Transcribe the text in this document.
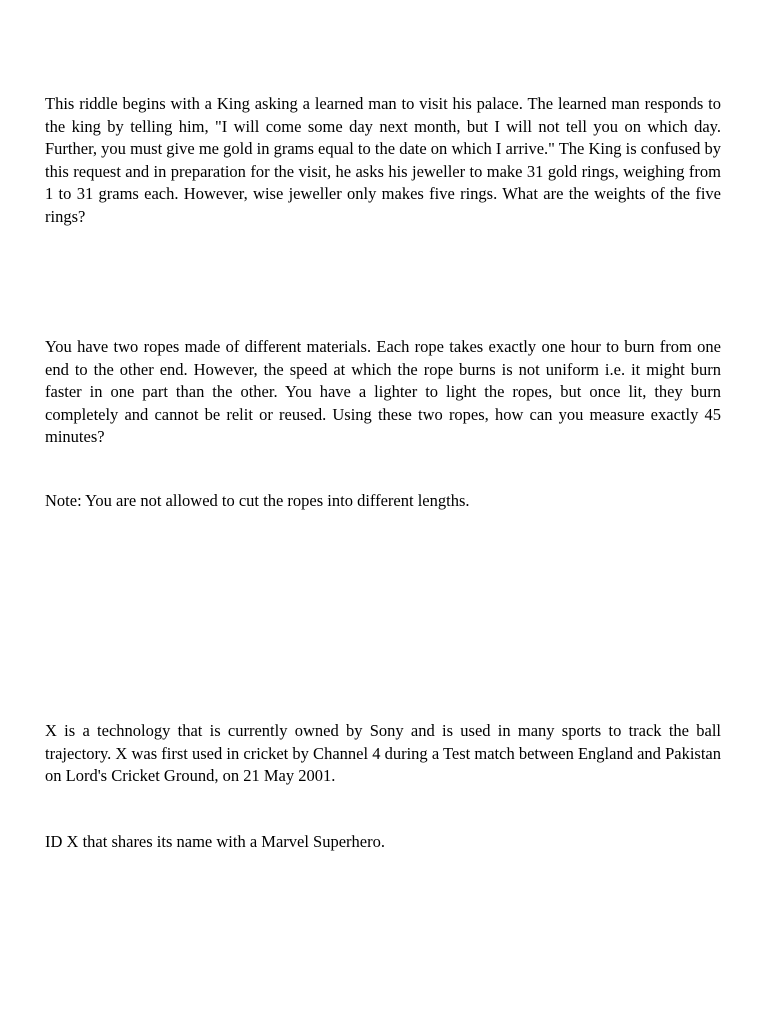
This riddle begins with a King asking a learned man to visit his palace. The learned man responds to the king by telling him, "I will come some day next month, but I will not tell you on which day. Further, you must give me gold in grams equal to the date on which I arrive." The King is confused by this request and in preparation for the visit, he asks his jeweller to make 31 gold rings, weighing from 1 to 31 grams each. However, wise jeweller only makes five rings. What are the weights of the five rings?

You have two ropes made of different materials. Each rope takes exactly one hour to burn from one end to the other end. However, the speed at which the rope burns is not uniform i.e. it might burn faster in one part than the other. You have a lighter to light the ropes, but once lit, they burn completely and cannot be relit or reused. Using these two ropes, how can you measure exactly 45 minutes?

Note: You are not allowed to cut the ropes into different lengths.

X is a technology that is currently owned by Sony and is used in many sports to track the ball trajectory. X was first used in cricket by Channel 4 during a Test match between England and Pakistan on Lord's Cricket Ground, on 21 May 2001.

ID X that shares its name with a Marvel Superhero.
